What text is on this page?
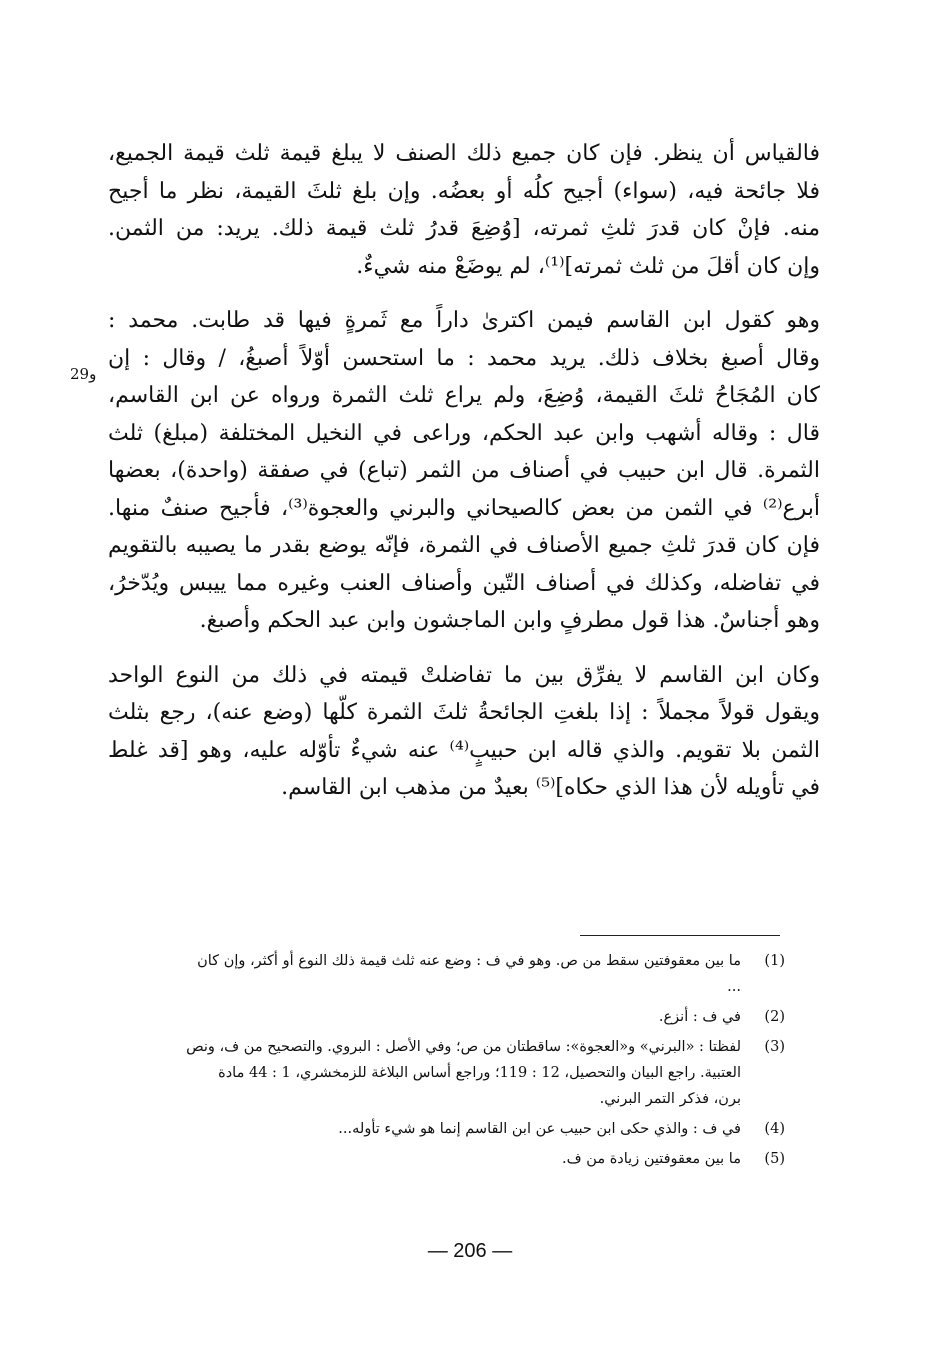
فالقياس أن ينظر. فإن كان جميع ذلك الصنف لا يبلغ قيمة ثلث قيمة الجميع،
فلا جائحة فيه، (سواء) أجيح كلُه أو بعضُه. وإن بلغ ثلثَ القيمة، نظر ما أجيح
منه. فإنْ كان قدرَ ثلثِ ثمرته، [وُضِعَ قدرُ ثلث قيمة ذلك. يريد: من الثمن.
وإن كان أقلَ من ثلث ثمرته]⁽¹⁾، لم يوضَعْ منه شيءٌ.
وهو كقول ابن القاسم فيمن اكترىٰ داراً مع ثَمرةٍ فيها قد طابت. محمد :
وقال أصبغ بخلاف ذلك. يريد محمد : ما استحسن أوّلاً أصبغُ، / وقال : إن
كان المُجَاحُ ثلثَ القيمة، وُضِعَ، ولم يراع ثلث الثمرة ورواه عن ابن القاسم،
قال : وقاله أشهب وابن عبد الحكم، وراعى في النخيل المختلفة (مبلغ) ثلث
الثمرة. قال ابن حبيب في أصناف من الثمر (تباع) في صفقة (واحدة)، بعضها
أبرع⁽²⁾ في الثمن من بعض كالصيحاني والبرني والعجوة⁽³⁾، فأجيح صنفٌ منها.
فإن كان قدرَ ثلثِ جميع الأصناف في الثمرة، فإنّه يوضع بقدر ما يصيبه بالتقويم
في تفاضله، وكذلك في أصناف التّين وأصناف العنب وغيره مما ييبس ويُدّخرُ،
وهو أجناسٌ. هذا قول مطرفٍ وابن الماجشون وابن عبد الحكم وأصبغ.
وكان ابن القاسم لا يفرِّق بين ما تفاضلتْ قيمته في ذلك من النوع الواحد
ويقول قولاً مجملاً : إذا بلغتِ الجائحةُ ثلثَ الثمرة كلّها (وضع عنه)، رجع بثلث
الثمن بلا تقويم. والذي قاله ابن حبيبٍ⁽⁴⁾ عنه شيءٌ تأوّله عليه، وهو [قد غلط
في تأويله لأن هذا الذي حكاه]⁽⁵⁾ بعيدٌ من مذهب ابن القاسم.
29و
(1)
ما بين معقوفتين سقط من ص. وهو في ف : وضع عنه ثلث قيمة ذلك النوع أو أكثر، وإن كان
...
(2)
في ف : أنزع.
(3)
لفظتا : «البرني» و«العجوة»: ساقطتان من ص؛ وفي الأصل : البروي. والتصحيح من ف، ونص
العتبية. راجع البيان والتحصيل، 12 : 119؛ وراجع أساس البلاغة للزمخشري، 1 : 44 مادة
برن، فذكر التمر البرني.
(4)
في ف : والذي حكى ابن حبيب عن ابن القاسم إنما هو شيء تأوله...
(5)
ما بين معقوفتين زيادة من ف.
— 206 —
